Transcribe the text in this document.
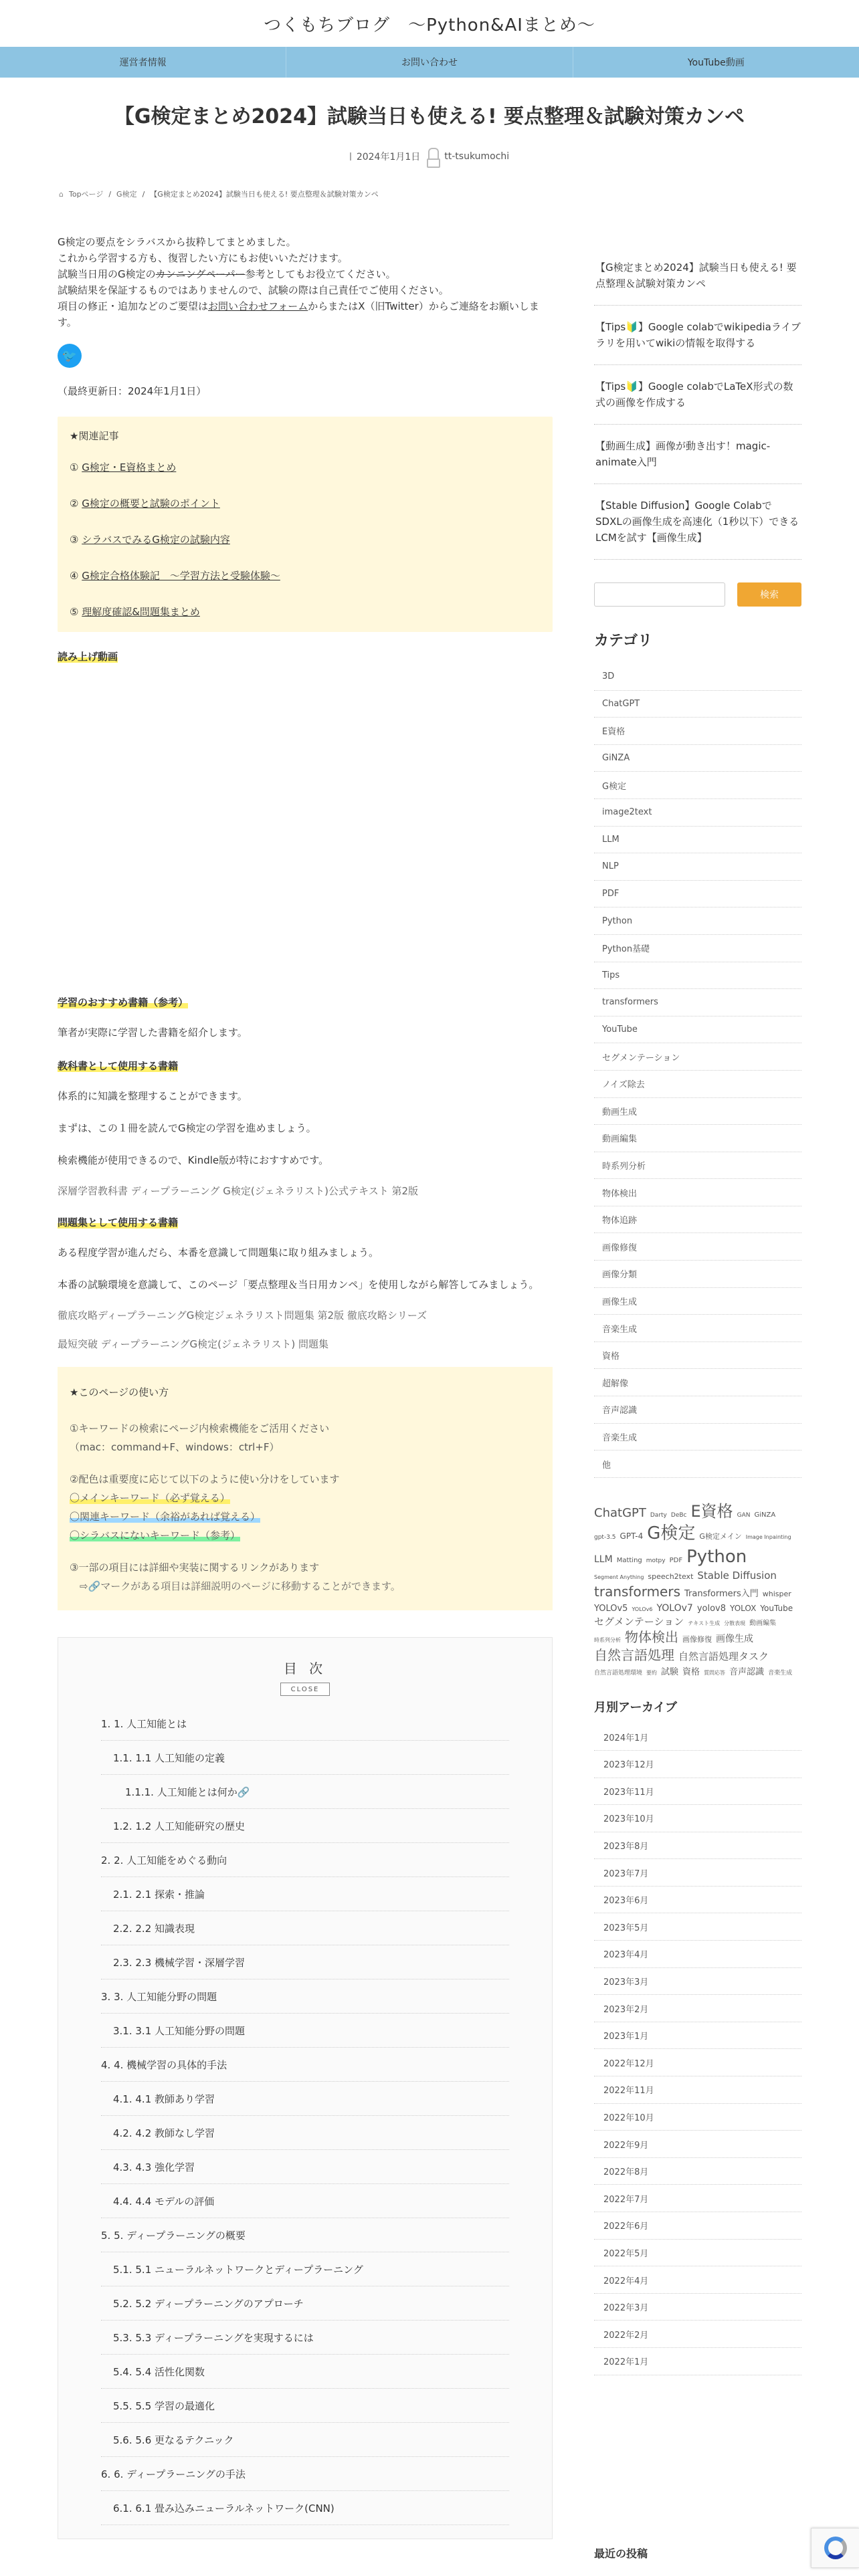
つくもちブログ　～Python&AIまとめ～
運営者情報	お問い合わせ	YouTube動画
【G検定まとめ2024】試験当日も使える! 要点整理＆試験対策カンペ
2024年1月1日	tt-tsukumochi
⌂ Topページ / G検定 / 【G検定まとめ2024】試験当日も使える! 要点整理＆試験対策カンペ

G検定の要点をシラバスから抜粋してまとめました。

これから学習する方も、復習したい方にもお使いいただけます。

試験当日用のG検定のカンニングペーパー参考としてもお役立てください。

試験結果を保証するものではありませんので、試験の際は自己責任でご使用ください。

項目の修正・追加などのご要望はお問い合わせフォームからまたはX（旧Twitter）からご連絡をお願いします。

🐦
（最終更新日：2024年1月1日）
★関連記事
① G検定・E資格まとめ
② G検定の概要と試験のポイント
③ シラバスでみるG検定の試験内容
④ G検定合格体験記　～学習方法と受験体験～
⑤ 理解度確認&問題集まとめ
読み上げ動画
学習のおすすめ書籍（参考）
筆者が実際に学習した書籍を紹介します。
教科書として使用する書籍
体系的に知識を整理することができます。
まずは、この１冊を読んでG検定の学習を進めましょう。
検索機能が使用できるので、Kindle版が特におすすめです。
深層学習教科書 ディープラーニング G検定(ジェネラリスト)公式テキスト 第2版
問題集として使用する書籍
ある程度学習が進んだら、本番を意識して問題集に取り組みましょう。
本番の試験環境を意識して、このページ「要点整理＆当日用カンペ」を使用しながら解答してみましょう。
徹底攻略ディープラーニングG検定ジェネラリスト問題集 第2版 徹底攻略シリーズ
最短突破 ディープラーニングG検定(ジェネラリスト) 問題集
★このページの使い方
①キーワードの検索にページ内検索機能をご活用ください
（mac：command+F、windows：ctrl+F）
②配色は重要度に応じて以下のように使い分けをしています
〇メインキーワード（必ず覚える）
〇関連キーワード（余裕があれば覚える）
〇シラバスにないキーワード（参考）
③一部の項目には詳細や実装に関するリンクがあります
　⇨🔗マークがある項目は詳細説明のページに移動することができます。
目 次
CLOSE
1. 1. 人工知能とは
1.1. 1.1 人工知能の定義
1.1.1. 人工知能とは何か🔗
1.2. 1.2 人工知能研究の歴史
2. 2. 人工知能をめぐる動向
2.1. 2.1 探索・推論
2.2. 2.2 知識表現
2.3. 2.3 機械学習・深層学習
3. 3. 人工知能分野の問題
3.1. 3.1 人工知能分野の問題
4. 4. 機械学習の具体的手法
4.1. 4.1 教師あり学習
4.2. 4.2 教師なし学習
4.3. 4.3 強化学習
4.4. 4.4 モデルの評価
5. 5. ディープラーニングの概要
5.1. 5.1 ニューラルネットワークとディープラーニング
5.2. 5.2 ディープラーニングのアプローチ
5.3. 5.3 ディープラーニングを実現するには
5.4. 5.4 活性化関数
5.5. 5.5 学習の最適化
5.6. 5.6 更なるテクニック
6. 6. ディープラーニングの手法
6.1. 6.1 畳み込みニューラルネットワーク(CNN)
【G検定まとめ2024】試験当日も使える! 要点整理＆試験対策カンペ
【Tips🔰】Google colabでwikipediaライブラリを用いてwikiの情報を取得する
【Tips🔰】Google colabでLaTeX形式の数式の画像を作成する
【動画生成】画像が動き出す！magic-animate入門
【Stable Diffusion】Google Colabで SDXLの画像生成を高速化（1秒以下）できるLCMを試す【画像生成】
検索
カテゴリ
3D
ChatGPT
E資格
GiNZA
G検定
image2text
LLM
NLP
PDF
Python
Python基礎
Tips
transformers
YouTube
セグメンテーション
ノイズ除去
動画生成
動画編集
時系列分析
物体検出
物体追跡
画像修復
画像分類
画像生成
音楽生成
資格
超解像
音声認識
音楽生成
他
ChatGPT Darty DeBc E資格 GAN GiNZAgpt-3.5 GPT-4 G検定 G検定メイン Image InpaintingLLM Matting motpy PDF PythonSegment Anything speech2text Stable Diffusiontransformers Transformers入門 whisperYOLOv5 YOLOv6 YOLOv7 yolov8 YOLOX YouTubeセグメンテーション テキスト生成 分散表現 動画編集時系列分析 物体検出 画像修復 画像生成自然言語処理 自然言語処理タスク自然言語処理環境 要約 試験 資格 質問応答 音声認識 音楽生成
月別アーカイブ
2024年1月
2023年12月
2023年11月
2023年10月
2023年8月
2023年7月
2023年6月
2023年5月
2023年4月
2023年3月
2023年2月
2023年1月
2022年12月
2022年11月
2022年10月
2022年9月
2022年8月
2022年7月
2022年6月
2022年5月
2022年4月
2022年3月
2022年2月
2022年1月
最近の投稿
